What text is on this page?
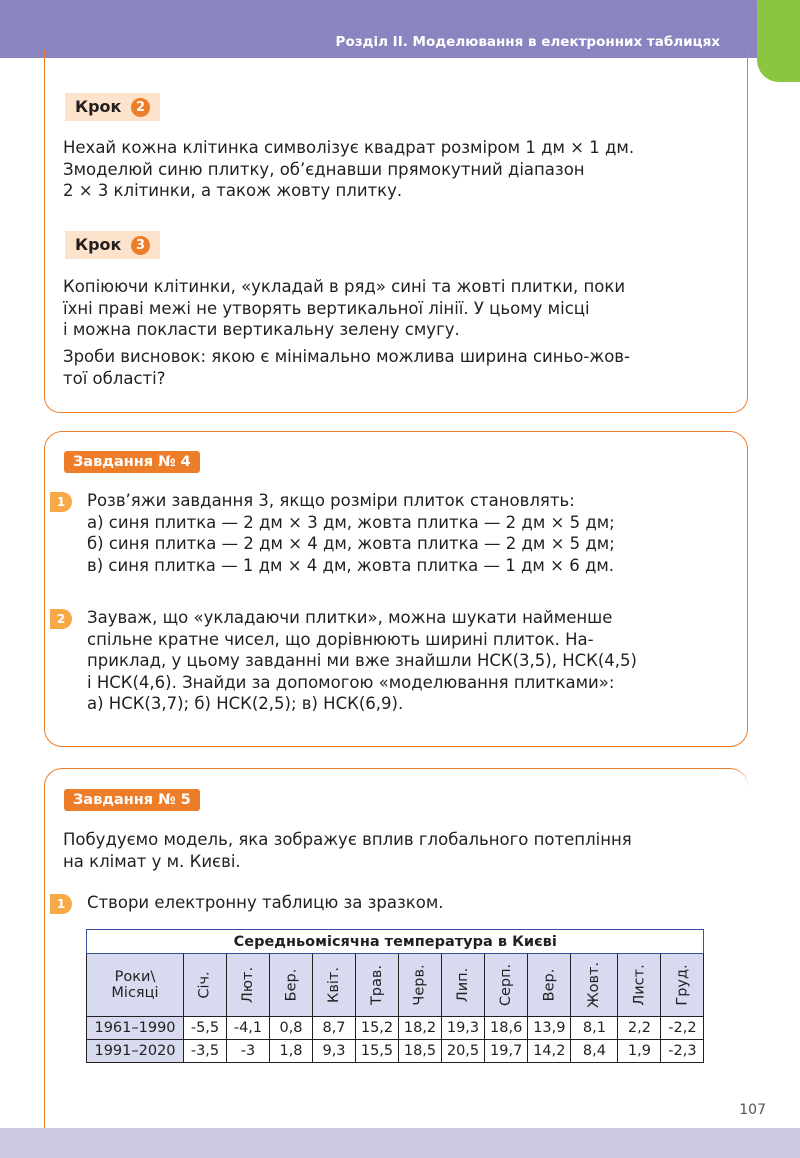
Розділ ІІ. Моделювання в електронних таблицях
Крок 2
Нехай кожна клітинка символізує квадрат розміром 1 дм × 1 дм.
Змоделюй синю плитку, об’єднавши прямокутний діапазон
2 × 3 клітинки, а також жовту плитку.
Крок 3
Копіюючи клітинки, «укладай в ряд» сині та жовті плитки, поки
їхні праві межі не утворять вертикальної лінії. У цьому місці
і можна покласти вертикальну зелену смугу.
Зроби висновок: якою є мінімально можлива ширина синьо-жов-
тої області?
Завдання № 4
1	Розв’яжи завдання 3, якщо розміри плиток становлять:
а) синя плитка — 2 дм × 3 дм, жовта плитка — 2 дм × 5 дм;
б) синя плитка — 2 дм × 4 дм, жовта плитка — 2 дм × 5 дм;
в) синя плитка — 1 дм × 4 дм, жовта плитка — 1 дм × 6 дм.
2	Зауваж, що «укладаючи плитки», можна шукати найменше
спільне кратне чисел, що дорівнюють ширині плиток. На-
приклад, у цьому завданні ми вже знайшли НСК(3,5), НСК(4,5)
і НСК(4,6). Знайди за допомогою «моделювання плитками»:
а) НСК(3,7); б) НСК(2,5); в) НСК(6,9).
Завдання № 5
Побудуємо модель, яка зображує вплив глобального потепління
на клімат у м. Києві.
1	Створи електронну таблицю за зразком.
Середньомісячна температура в Києві												

Роки\
Місяці	Січ.	Лют.	Бер.	Квіт.	Трав.	Черв.	Лип.	Серп.	Вер.	Жовт.	Лист.	Груд.
1961–1990	-5,5	-4,1	0,8	8,7	15,2	18,2	19,3	18,6	13,9	8,1	2,2	-2,2
1991–2020	-3,5	-3	1,8	9,3	15,5	18,5	20,5	19,7	14,2	8,4	1,9	-2,3
107
